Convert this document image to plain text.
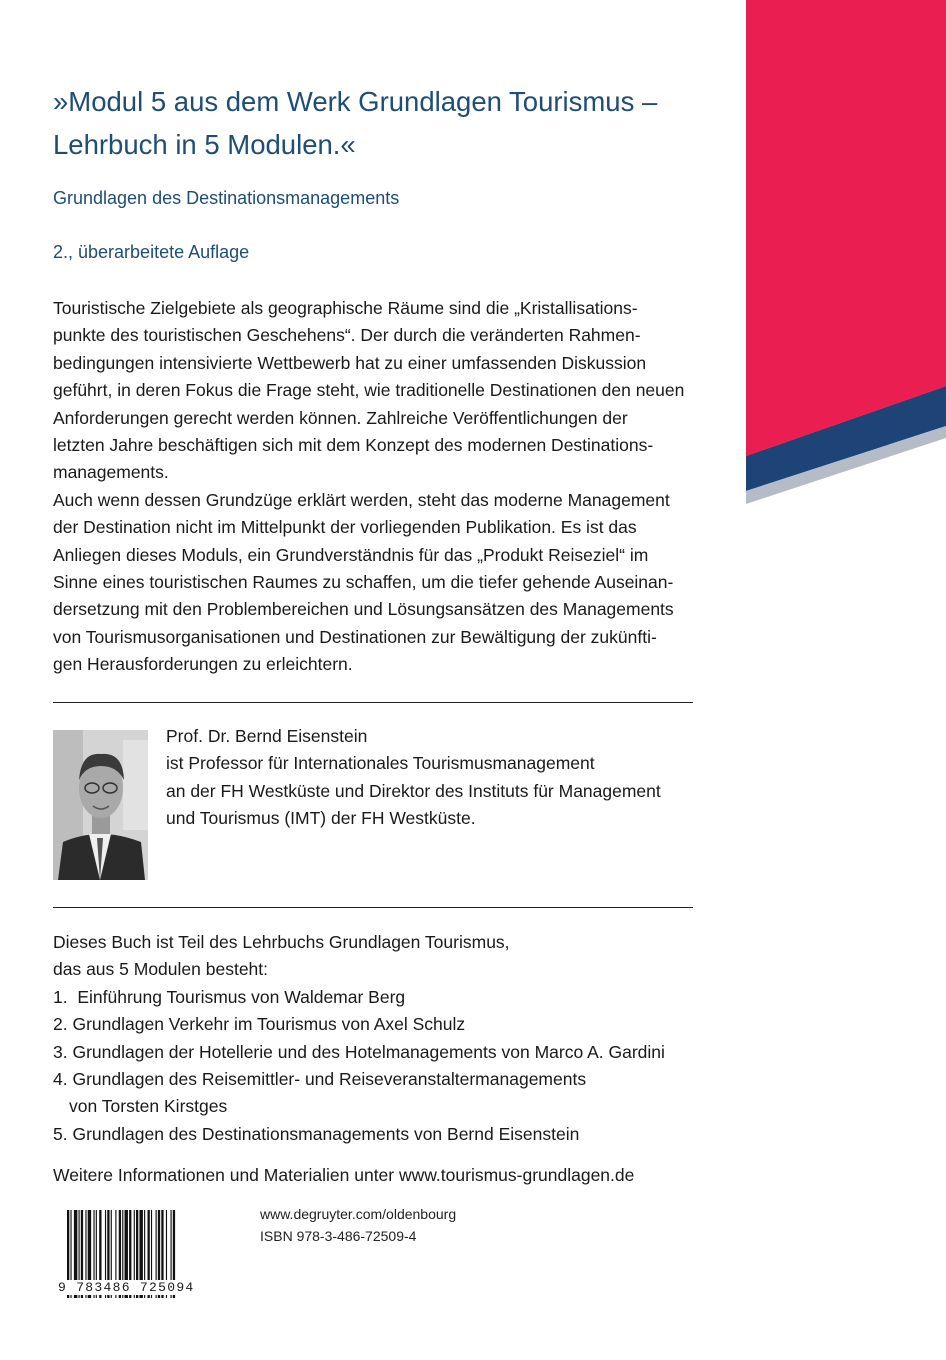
»Modul 5 aus dem Werk Grundlagen Tourismus –
Lehrbuch in 5 Modulen.«
Grundlagen des Destinationsmanagements
2., überarbeitete Auflage
Touristische Zielgebiete als geographische Räume sind die „Kristallisations-
punkte des touristischen Geschehens“. Der durch die veränderten Rahmen-
bedingungen intensivierte Wettbewerb hat zu einer umfassenden Diskussion
geführt, in deren Fokus die Frage steht, wie traditionelle Destinationen den neuen
Anforderungen gerecht werden können. Zahlreiche Veröffentlichungen der
letzten Jahre beschäftigen sich mit dem Konzept des modernen Destinations-
managements.
Auch wenn dessen Grundzüge erklärt werden, steht das moderne Management
der Destination nicht im Mittelpunkt der vorliegenden Publikation. Es ist das
Anliegen dieses Moduls, ein Grundverständnis für das „Produkt Reiseziel“ im
Sinne eines touristischen Raumes zu schaffen, um die tiefer gehende Auseinan-
dersetzung mit den Problembereichen und Lösungsansätzen des Managements
von Tourismusorganisationen und Destinationen zur Bewältigung der zukünfti-
gen Herausforderungen zu erleichtern.
Prof. Dr. Bernd Eisenstein
ist Professor für Internationales Tourismusmanagement
an der FH Westküste und Direktor des Instituts für Management
und Tourismus (IMT) der FH Westküste.
Dieses Buch ist Teil des Lehrbuchs Grundlagen Tourismus,
das aus 5 Modulen besteht:
1. Einführung Tourismus von Waldemar Berg
2. Grundlagen Verkehr im Tourismus von Axel Schulz
3. Grundlagen der Hotellerie und des Hotelmanagements von Marco A. Gardini
4. Grundlagen des Reisemittler- und Reiseveranstaltermanagements
von Torsten Kirstges
5. Grundlagen des Destinationsmanagements von Bernd Eisenstein
Weitere Informationen und Materialien unter www.tourismus-grundlagen.de
9 783486 725094
www.degruyter.com/oldenbourg
ISBN 978-3-486-72509-4
